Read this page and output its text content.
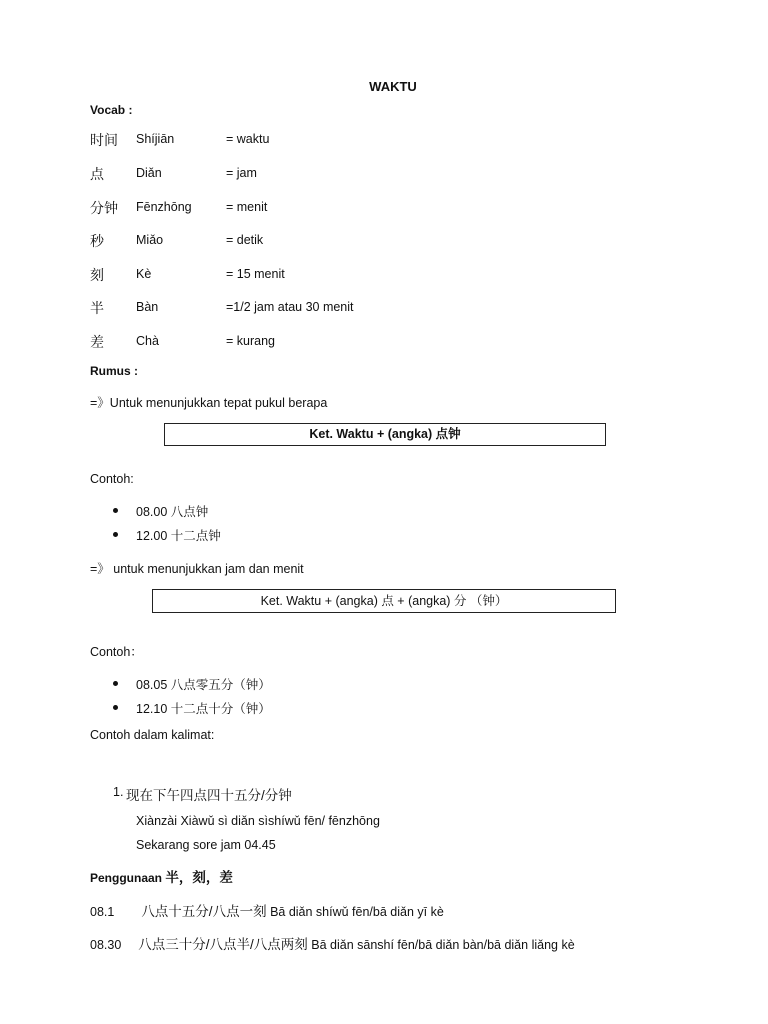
WAKTU
Vocab :
时间 Shíjiān	= waktu
点	Diǎn	= jam
分钟 Fēnzhōng	= menit
秒	Miǎo	= detik
刻	Kè	= 15 menit
半	Bàn	=1/2 jam atau 30 menit
差	Chà	= kurang
Rumus :
=》Untuk menunjukkan tepat pukul berapa
Ket. Waktu + (angka) 点钟
Contoh:
08.00 八点钟
12.00 十二点钟
=》 untuk menunjukkan jam dan menit
Ket. Waktu + (angka) 点 + (angka) 分 （钟）
Contoh：
08.05 八点零五分（钟）
12.10 十二点十分（钟）
Contoh dalam kalimat:
1. 现在下午四点四十五分/分钟
Xiànzài Xiàwǔ sì diǎn sìshíwǔ fēn/ fēnzhōng
Sekarang sore jam 04.45
Penggunaan 半，刻，差
08.1 八点十五分/八点一刻 Bā diǎn shíwǔ fēn/bā diǎn yī kè
08.30 八点三十分/八点半/八点两刻 Bā diǎn sānshí fēn/bā diǎn bàn/bā diǎn liǎng kè
